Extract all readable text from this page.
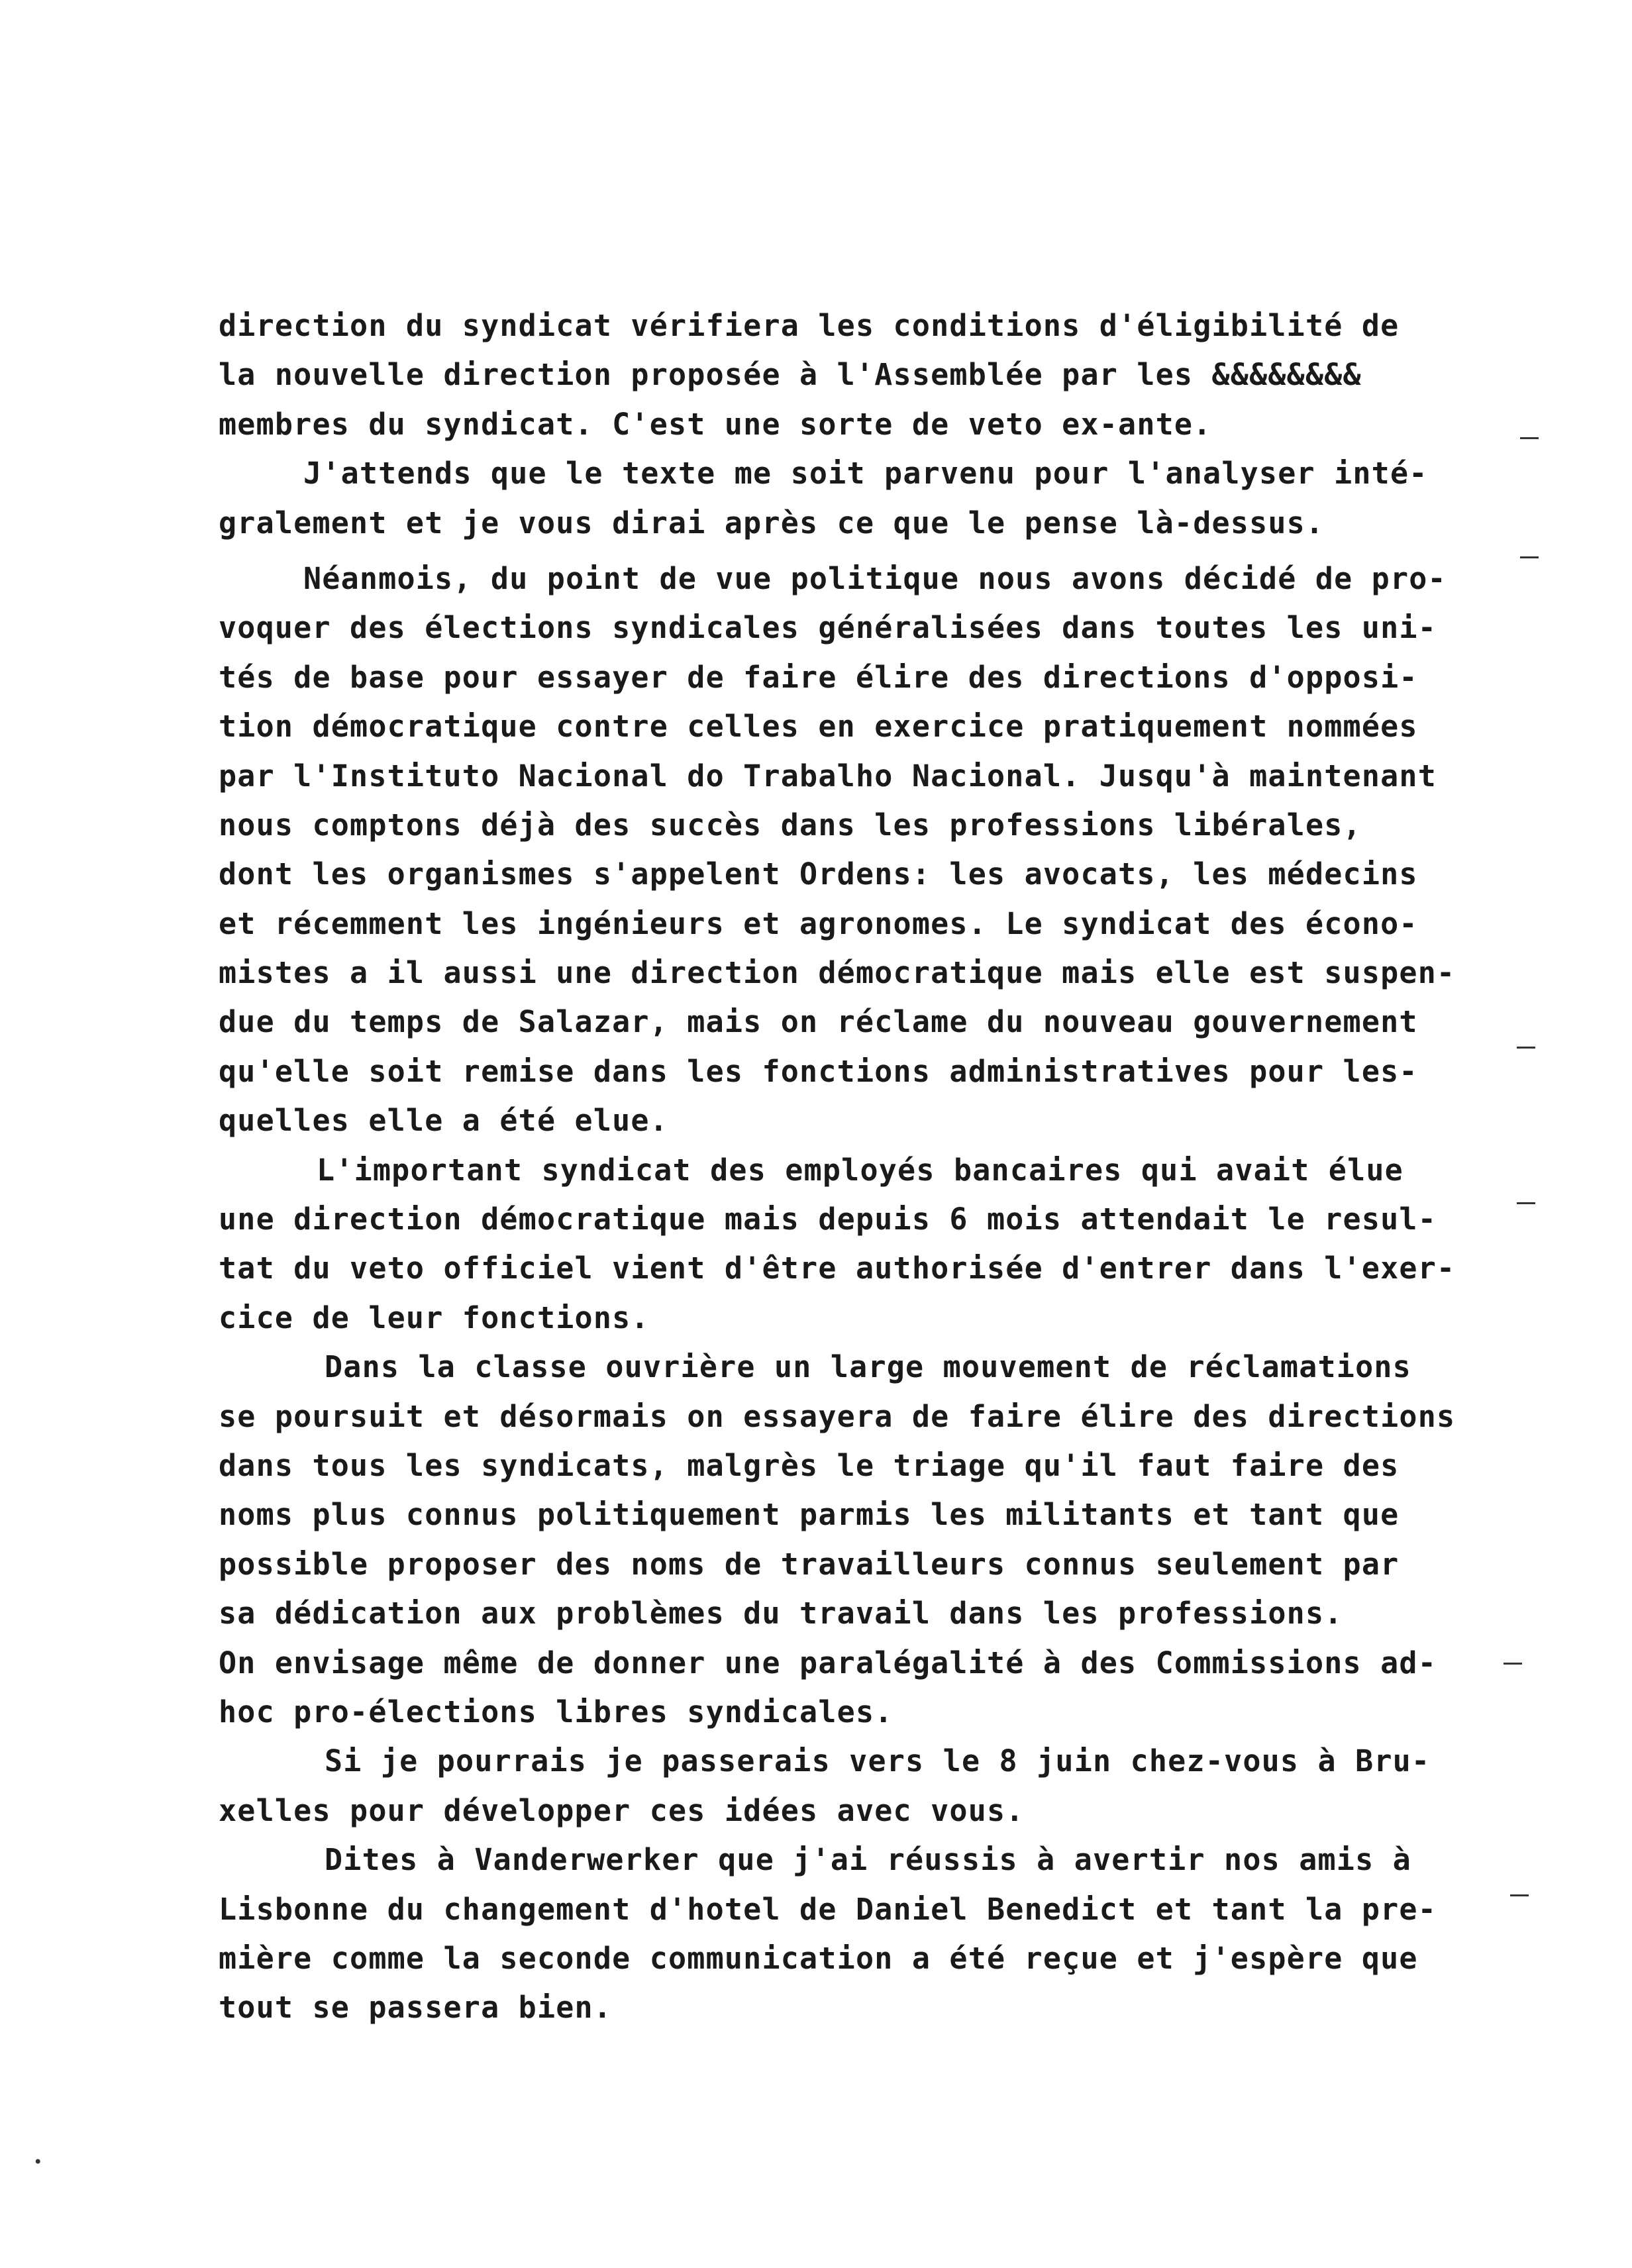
direction du syndicat vérifiera les conditions d'éligibilité de
la nouvelle direction proposée à l'Assemblée par les &&&&&&&&
membres du syndicat. C'est une sorte de veto ex-ante.
J'attends que le texte me soit parvenu pour l'analyser inté-
gralement et je vous dirai après ce que le pense là-dessus.
Néanmois, du point de vue politique nous avons décidé de pro-
voquer des élections syndicales généralisées dans toutes les uni-
tés de base pour essayer de faire élire des directions d'opposi-
tion démocratique contre celles en exercice pratiquement nommées
par l'Instituto Nacional do Trabalho Nacional. Jusqu'à maintenant
nous comptons déjà des succès dans les professions libérales,
dont les organismes s'appelent Ordens: les avocats, les médecins
et récemment les ingénieurs et agronomes. Le syndicat des écono-
mistes a il aussi une direction démocratique mais elle est suspen-
due du temps de Salazar, mais on réclame du nouveau gouvernement
qu'elle soit remise dans les fonctions administratives pour les-
quelles elle a été elue.
L'important syndicat des employés bancaires qui avait élue
une direction démocratique mais depuis 6 mois attendait le resul-
tat du veto officiel vient d'être authorisée d'entrer dans l'exer-
cice de leur fonctions.
Dans la classe ouvrière un large mouvement de réclamations
se poursuit et désormais on essayera de faire élire des directions
dans tous les syndicats, malgrès le triage qu'il faut faire des
noms plus connus politiquement parmis les militants et tant que
possible proposer des noms de travailleurs connus seulement par
sa dédication aux problèmes du travail dans les professions.
On envisage même de donner une paralégalité à des Commissions ad-
hoc pro-élections libres syndicales.
Si je pourrais je passerais vers le 8 juin chez-vous à Bru-
xelles pour développer ces idées avec vous.
Dites à Vanderwerker que j'ai réussis à avertir nos amis à
Lisbonne du changement d'hotel de Daniel Benedict et tant la pre-
mière comme la seconde communication a été reçue et j'espère que
tout se passera bien.
•
